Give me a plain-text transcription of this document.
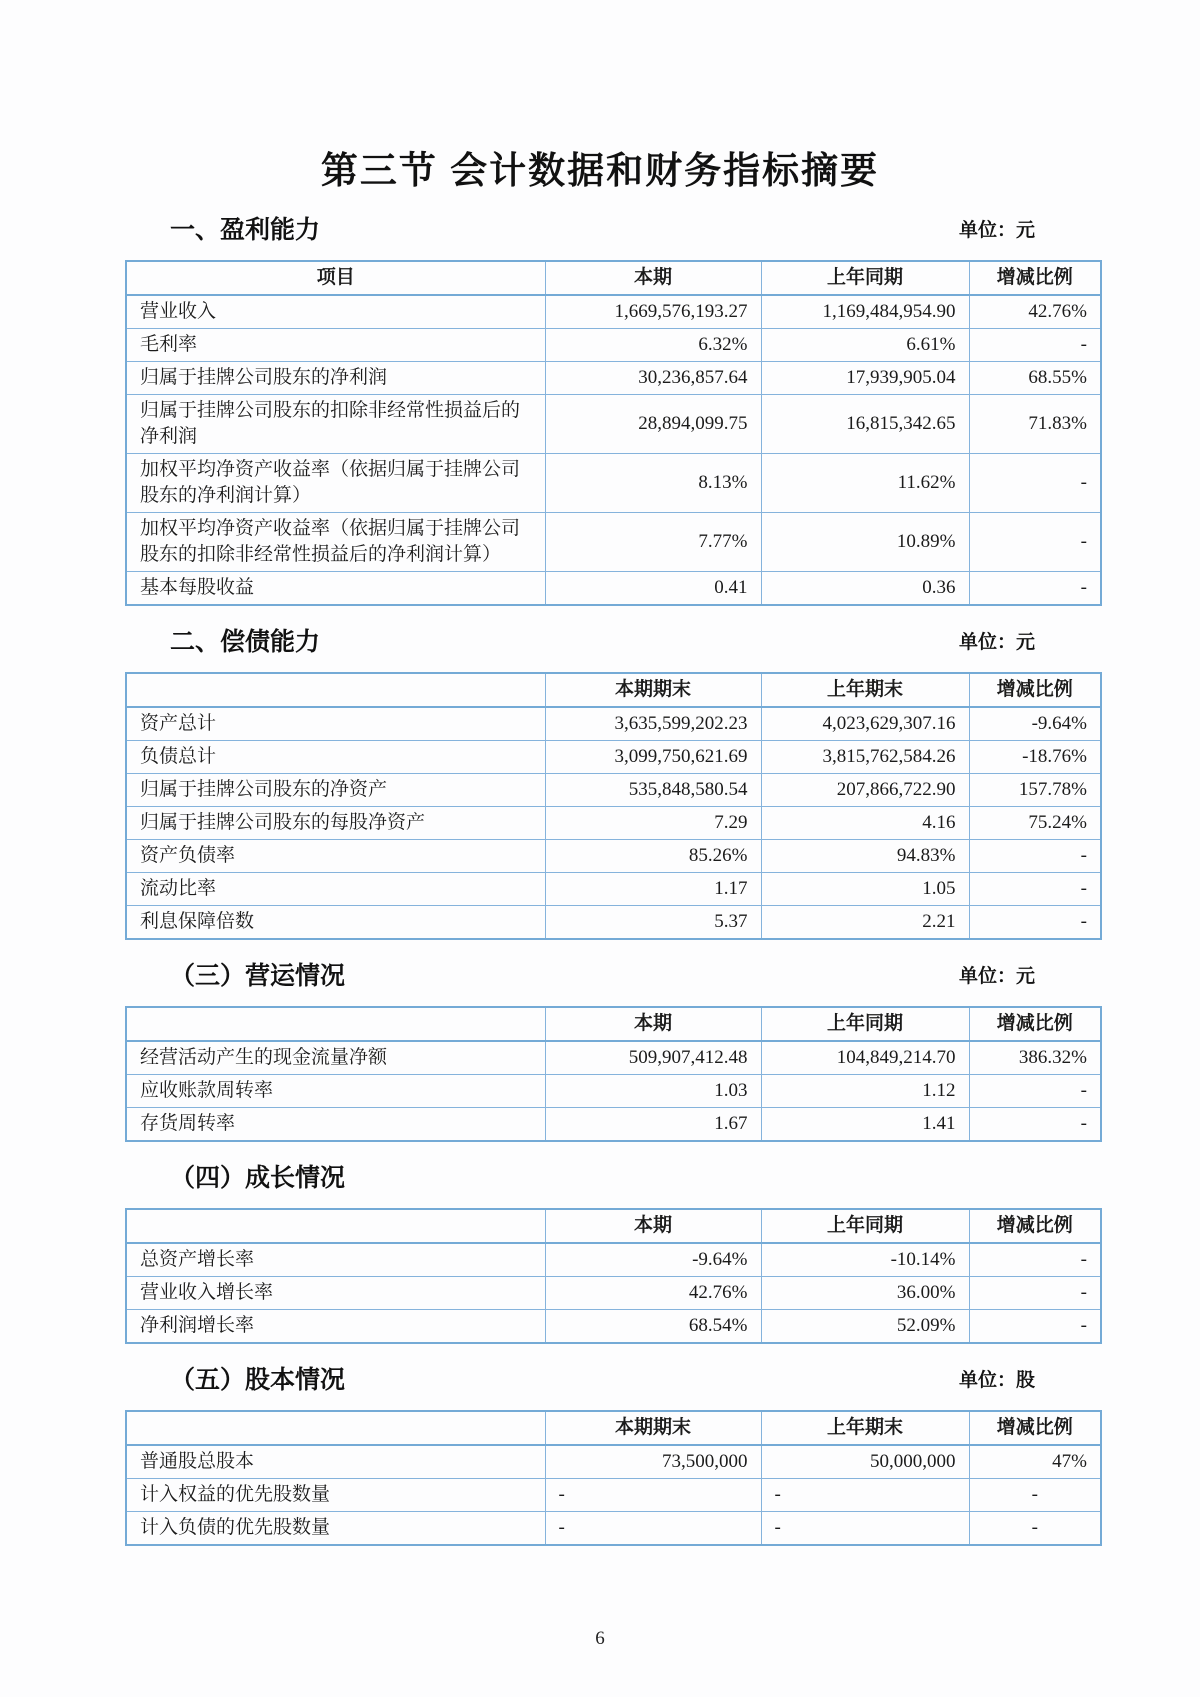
第三节 会计数据和财务指标摘要
一、盈利能力	单位：元
项目	本期	上年同期	增减比例
营业收入	1,669,576,193.27	1,169,484,954.90	42.76%
毛利率	6.32%	6.61%	-
归属于挂牌公司股东的净利润	30,236,857.64	17,939,905.04	68.55%
归属于挂牌公司股东的扣除非经常性损益后的净利润	28,894,099.75	16,815,342.65	71.83%
加权平均净资产收益率（依据归属于挂牌公司股东的净利润计算）	8.13%	11.62%	-
加权平均净资产收益率（依据归属于挂牌公司股东的扣除非经常性损益后的净利润计算）	7.77%	10.89%	-
基本每股收益	0.41	0.36	-
二、偿债能力	单位：元
	本期期末	上年期末	增减比例
资产总计	3,635,599,202.23	4,023,629,307.16	-9.64%
负债总计	3,099,750,621.69	3,815,762,584.26	-18.76%
归属于挂牌公司股东的净资产	535,848,580.54	207,866,722.90	157.78%
归属于挂牌公司股东的每股净资产	7.29	4.16	75.24%
资产负债率	85.26%	94.83%	-
流动比率	1.17	1.05	-
利息保障倍数	5.37	2.21	-
（三）营运情况	单位：元
	本期	上年同期	增减比例
经营活动产生的现金流量净额	509,907,412.48	104,849,214.70	386.32%
应收账款周转率	1.03	1.12	-
存货周转率	1.67	1.41	-
（四）成长情况
	本期	上年同期	增减比例
总资产增长率	-9.64%	-10.14%	-
营业收入增长率	42.76%	36.00%	-
净利润增长率	68.54%	52.09%	-
（五）股本情况	单位：股
	本期期末	上年期末	增减比例
普通股总股本	73,500,000	50,000,000	47%
计入权益的优先股数量	-	-	-
计入负债的优先股数量	-	-	-
6
